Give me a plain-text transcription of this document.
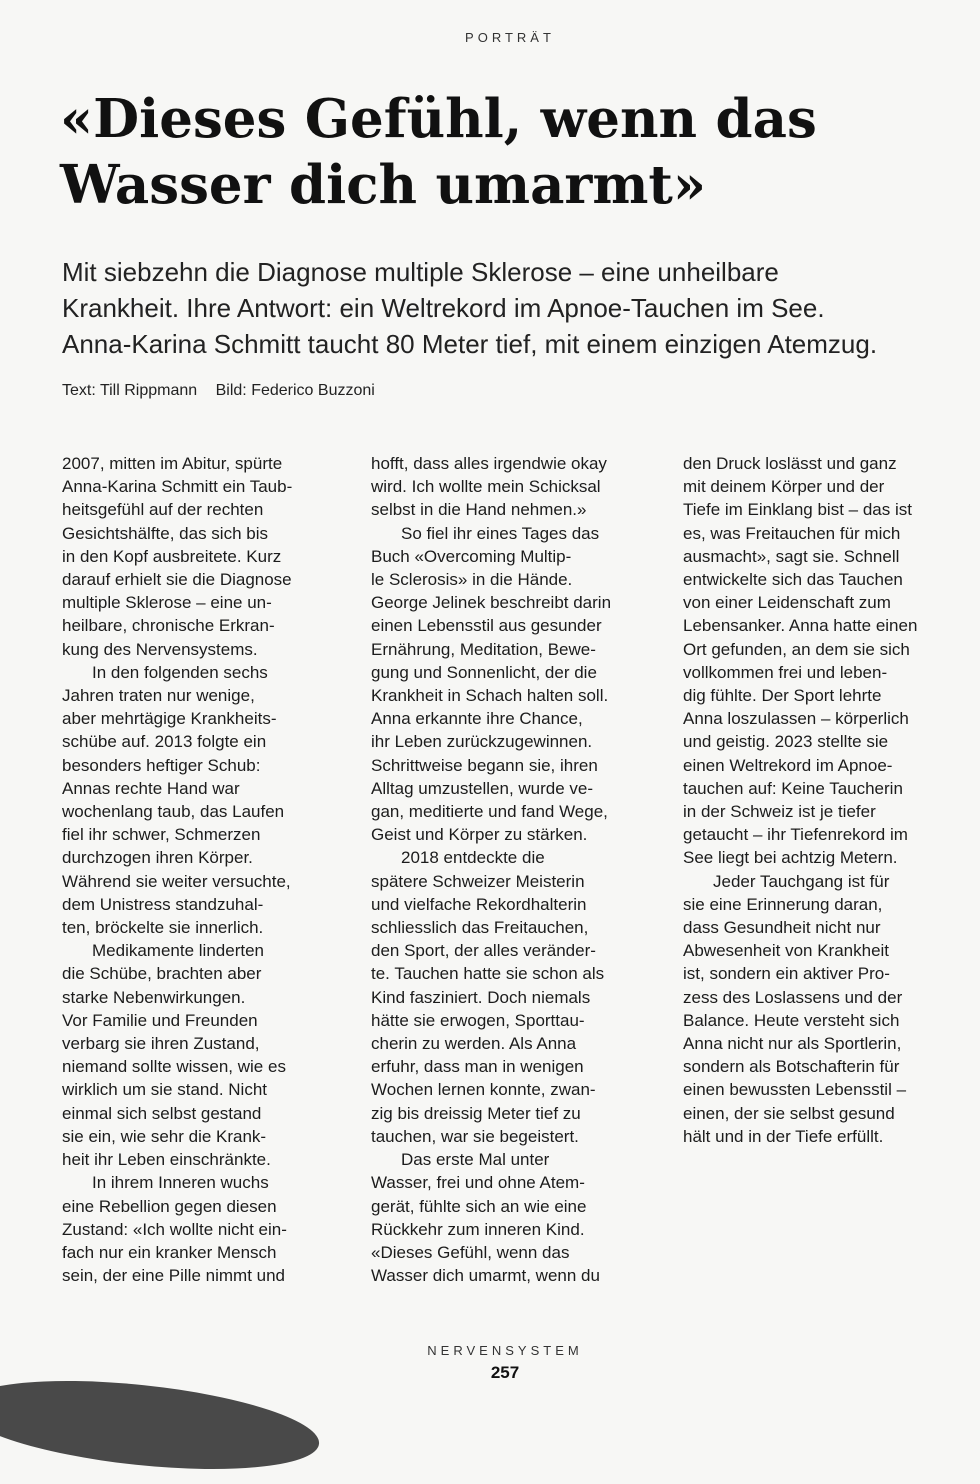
PORTRÄT
«Dieses Gefühl, wenn das
Wasser dich umarmt»
Mit siebzehn die Diagnose multiple Sklerose – eine unheilbare
Krankheit. Ihre Antwort: ein Weltrekord im Apnoe-Tauchen im See.
Anna-Karina Schmitt taucht 80 Meter tief, mit einem einzigen Atemzug.
Text: Till Rippmann Bild: Federico Buzzoni
2007, mitten im Abitur, spürte
Anna-Karina Schmitt ein Taub-
heitsgefühl auf der rechten
Gesichtshälfte, das sich bis
in den Kopf ausbreitete. Kurz
darauf erhielt sie die Diagnose
multiple Sklerose – eine un-
heilbare, chronische Erkran-
kung des Nervensystems.
In den folgenden sechs
Jahren traten nur wenige,
aber mehrtägige Krankheits-
schübe auf. 2013 folgte ein
besonders heftiger Schub:
Annas rechte Hand war
wochenlang taub, das Laufen
fiel ihr schwer, Schmerzen
durchzogen ihren Körper.
Während sie weiter versuchte,
dem Unistress standzuhal-
ten, bröckelte sie innerlich.
Medikamente linderten
die Schübe, brachten aber
starke Nebenwirkungen.
Vor Familie und Freunden
verbarg sie ihren Zustand,
niemand sollte wissen, wie es
wirklich um sie stand. Nicht
einmal sich selbst gestand
sie ein, wie sehr die Krank-
heit ihr Leben einschränkte.
In ihrem Inneren wuchs
eine Rebellion gegen diesen
Zustand: «Ich wollte nicht ein-
fach nur ein kranker Mensch
sein, der eine Pille nimmt und
hofft, dass alles irgendwie okay
wird. Ich wollte mein Schicksal
selbst in die Hand nehmen.»
So fiel ihr eines Tages das
Buch «Overcoming Multip-
le Sclerosis» in die Hände.
George Jelinek beschreibt darin
einen Lebensstil aus gesunder
Ernährung, Meditation, Bewe-
gung und Sonnenlicht, der die
Krankheit in Schach halten soll.
Anna erkannte ihre Chance,
ihr Leben zurückzugewinnen.
Schrittweise begann sie, ihren
Alltag umzustellen, wurde ve-
gan, meditierte und fand Wege,
Geist und Körper zu stärken.
2018 entdeckte die
spätere Schweizer Meisterin
und vielfache Rekordhalterin
schliesslich das Freitauchen,
den Sport, der alles veränder-
te. Tauchen hatte sie schon als
Kind fasziniert. Doch niemals
hätte sie erwogen, Sporttau-
cherin zu werden. Als Anna
erfuhr, dass man in wenigen
Wochen lernen konnte, zwan-
zig bis dreissig Meter tief zu
tauchen, war sie begeistert.
Das erste Mal unter
Wasser, frei und ohne Atem-
gerät, fühlte sich an wie eine
Rückkehr zum inneren Kind.
«Dieses Gefühl, wenn das
Wasser dich umarmt, wenn du
den Druck loslässt und ganz
mit deinem Körper und der
Tiefe im Einklang bist – das ist
es, was Freitauchen für mich
ausmacht», sagt sie. Schnell
entwickelte sich das Tauchen
von einer Leidenschaft zum
Lebensanker. Anna hatte einen
Ort gefunden, an dem sie sich
vollkommen frei und leben-
dig fühlte. Der Sport lehrte
Anna loszulassen – körperlich
und geistig. 2023 stellte sie
einen Weltrekord im Apnoe-
tauchen auf: Keine Taucherin
in der Schweiz ist je tiefer
getaucht – ihr Tiefenrekord im
See liegt bei achtzig Metern.
Jeder Tauchgang ist für
sie eine Erinnerung daran,
dass Gesundheit nicht nur
Abwesenheit von Krankheit
ist, sondern ein aktiver Pro-
zess des Loslassens und der
Balance. Heute versteht sich
Anna nicht nur als Sportlerin,
sondern als Botschafterin für
einen bewussten Lebensstil –
einen, der sie selbst gesund
hält und in der Tiefe erfüllt.
NERVENSYSTEM
257
